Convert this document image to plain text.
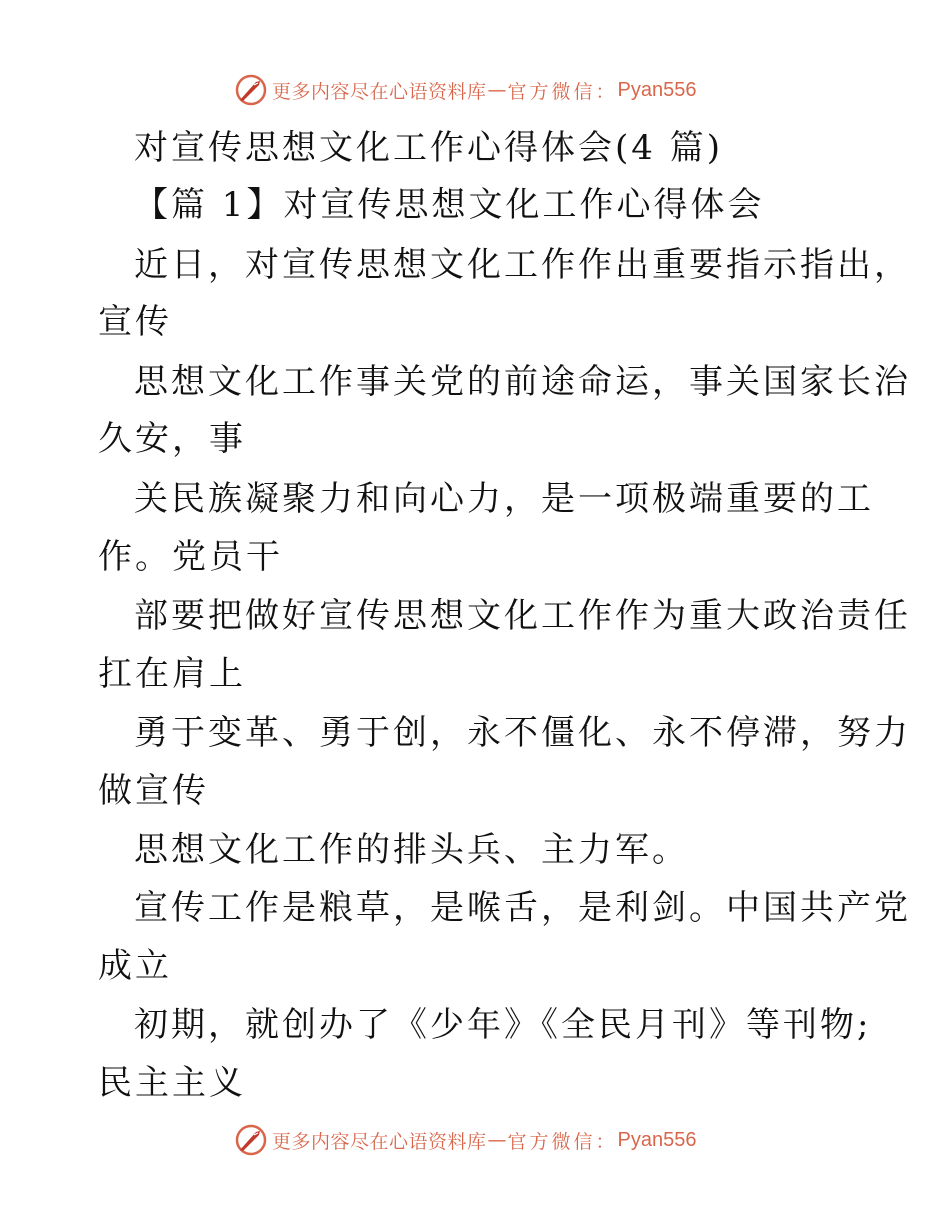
更多内容尽在心语资料库 — 官方微信： Pyan556
对宣传思想文化工作心得体会(4 篇)
【篇 1】对宣传思想文化工作心得体会
近日，对宣传思想文化工作作出重要指示指出，
宣传
思想文化工作事关党的前途命运，事关国家长治
久安，事
关民族凝聚力和向心力，是一项极端重要的工
作。党员干
部要把做好宣传思想文化工作作为重大政治责任
扛在肩上
勇于变革、勇于创，永不僵化、永不停滞，努力
做宣传
思想文化工作的排头兵、主力军。
宣传工作是粮草，是喉舌，是利剑。中国共产党
成立
初期，就创办了《少年》《全民月刊》等刊物;
民主主义
更多内容尽在心语资料库 — 官方微信： Pyan556
